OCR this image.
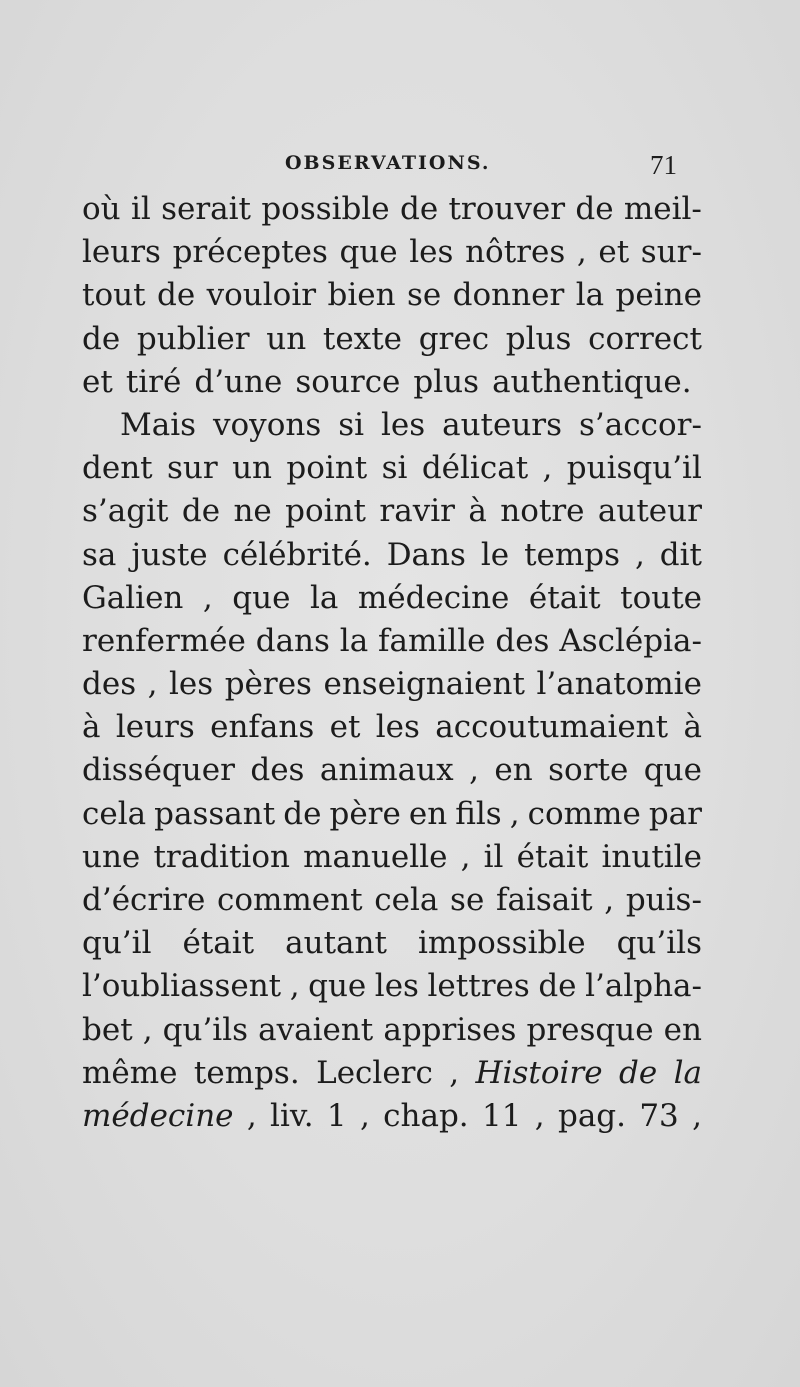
OBSERVATIONS.	71
où il serait possible de trouver de meil-
leurs préceptes que les nôtres , et sur-
tout de vouloir bien se donner la peine
de publier un texte grec plus correct
et tiré d’une source plus authentique.
Mais voyons si les auteurs s’accor-
dent sur un point si délicat , puisqu’il
s’agit de ne point ravir à notre auteur
sa juste célébrité. Dans le temps , dit
Galien , que la médecine était toute
renfermée dans la famille des Asclépia-
des , les pères enseignaient l’anatomie
à leurs enfans et les accoutumaient à
disséquer des animaux , en sorte que
cela passant de père en fils , comme par
une tradition manuelle , il était inutile
d’écrire comment cela se faisait , puis-
qu’il était autant impossible qu’ils
l’oubliassent , que les lettres de l’alpha-
bet , qu’ils avaient apprises presque en
même temps. Leclerc , Histoire de la
médecine , liv. 1 , chap. 11 , pag. 73 ,
